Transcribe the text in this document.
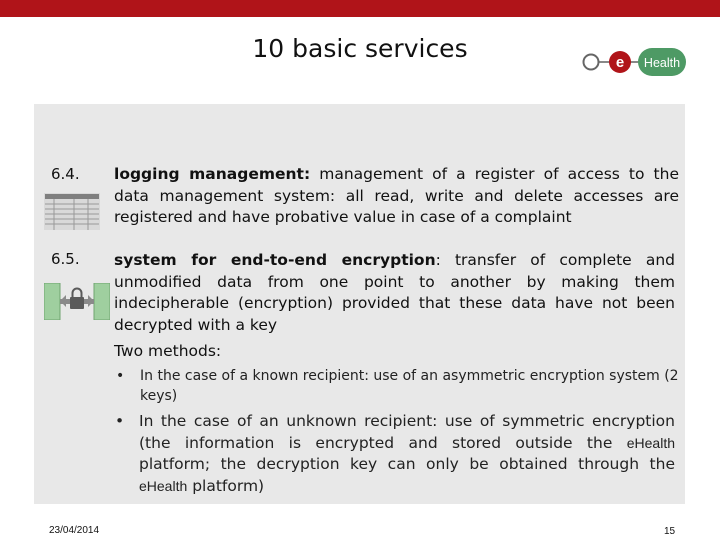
10 basic services	e Health
6.4. logging management: management of a register of access to the data management system: all read, write and delete accesses are registered and have probative value in case of a complaint
6.5. system for end-to-end encryption: transfer of complete and unmodified data from one point to another by making them indecipherable (encryption) provided that these data have not been decrypted with a key
Two methods:
• In the case of a known recipient: use of an asymmetric encryption system (2 keys)
• In the case of an unknown recipient: use of symmetric encryption (the information is encrypted and stored outside the eHealth platform; the decryption key can only be obtained through the eHealth platform)
23/04/2014	15
